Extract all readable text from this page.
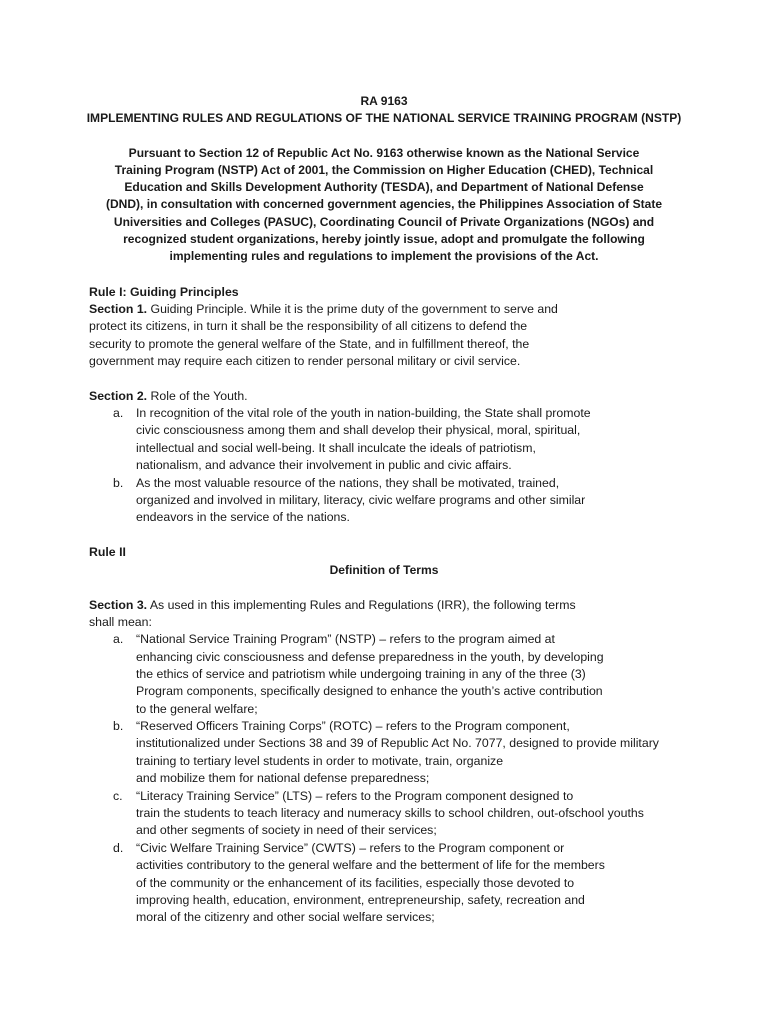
RA 9163
IMPLEMENTING RULES AND REGULATIONS OF THE NATIONAL SERVICE TRAINING PROGRAM (NSTP)
Pursuant to Section 12 of Republic Act No. 9163 otherwise known as the National Service
Training Program (NSTP) Act of 2001, the Commission on Higher Education (CHED), Technical
Education and Skills Development Authority (TESDA), and Department of National Defense
(DND), in consultation with concerned government agencies, the Philippines Association of State
Universities and Colleges (PASUC), Coordinating Council of Private Organizations (NGOs) and
recognized student organizations, hereby jointly issue, adopt and promulgate the following
implementing rules and regulations to implement the provisions of the Act.
Rule I: Guiding Principles
Section 1. Guiding Principle. While it is the prime duty of the government to serve and
protect its citizens, in turn it shall be the responsibility of all citizens to defend the
security to promote the general welfare of the State, and in fulfillment thereof, the
government may require each citizen to render personal military or civil service.
Section 2. Role of the Youth.
a. In recognition of the vital role of the youth in nation-building, the State shall promote
civic consciousness among them and shall develop their physical, moral, spiritual,
intellectual and social well-being. It shall inculcate the ideals of patriotism,
nationalism, and advance their involvement in public and civic affairs.
b. As the most valuable resource of the nations, they shall be motivated, trained,
organized and involved in military, literacy, civic welfare programs and other similar
endeavors in the service of the nations.
Rule II
Definition of Terms
Section 3. As used in this implementing Rules and Regulations (IRR), the following terms
shall mean:
a. “National Service Training Program” (NSTP) – refers to the program aimed at
enhancing civic consciousness and defense preparedness in the youth, by developing
the ethics of service and patriotism while undergoing training in any of the three (3)
Program components, specifically designed to enhance the youth’s active contribution
to the general welfare;
b. “Reserved Officers Training Corps” (ROTC) – refers to the Program component,
institutionalized under Sections 38 and 39 of Republic Act No. 7077, designed to provide military
training to tertiary level students in order to motivate, train, organize
and mobilize them for national defense preparedness;
c. “Literacy Training Service” (LTS) – refers to the Program component designed to
train the students to teach literacy and numeracy skills to school children, out-ofschool youths
and other segments of society in need of their services;
d. “Civic Welfare Training Service” (CWTS) – refers to the Program component or
activities contributory to the general welfare and the betterment of life for the members
of the community or the enhancement of its facilities, especially those devoted to
improving health, education, environment, entrepreneurship, safety, recreation and
moral of the citizenry and other social welfare services;
